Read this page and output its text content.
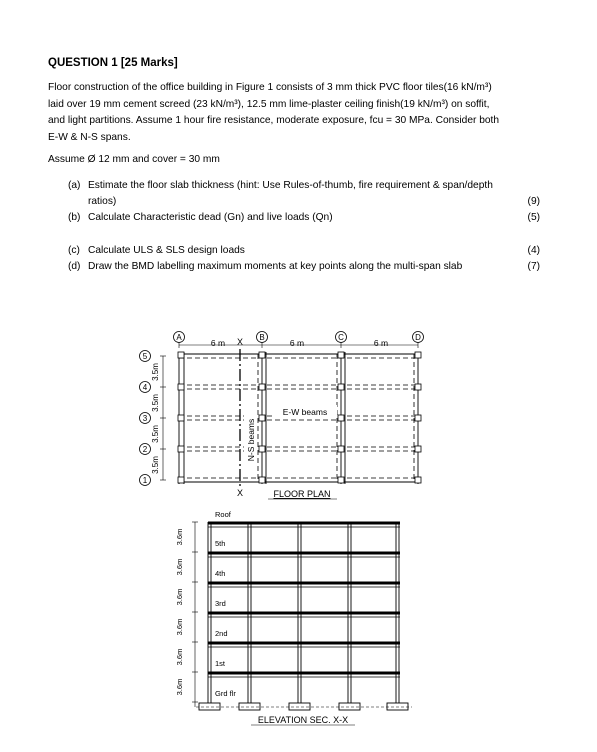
QUESTION 1 [25 Marks]
Floor construction of the office building in Figure 1 consists of 3 mm thick PVC floor tiles(16 kN/m³)
laid over 19 mm cement screed (23 kN/m³), 12.5 mm lime-plaster ceiling finish(19 kN/m³) on soffit,
and light partitions. Assume 1 hour fire resistance, moderate exposure, fcu = 30 MPa. Consider both
E-W & N-S spans.
Assume Ø 12 mm and cover = 30 mm
(a) Estimate the floor slab thickness (hint: Use Rules-of-thumb, fire requirement & span/depth
ratios)	(9)
(b) Calculate Characteristic dead (Gn) and live loads (Qn)	(5)
(c) Calculate ULS & SLS design loads	(4)
(d) Draw the BMD labelling maximum moments at key points along the multi-span slab	(7)
A	B	C	D
6 m	6 m	6 m
X
5
4
3
2
1
3.5m
3.5m
3.5m
3.5m
X
N-S beams
E-W beams
FLOOR PLAN
3.6m
3.6m
3.6m
3.6m
3.6m
3.6m
Roof
5th
4th
3rd
2nd
1st
Grd flr
ELEVATION SEC. X-X
